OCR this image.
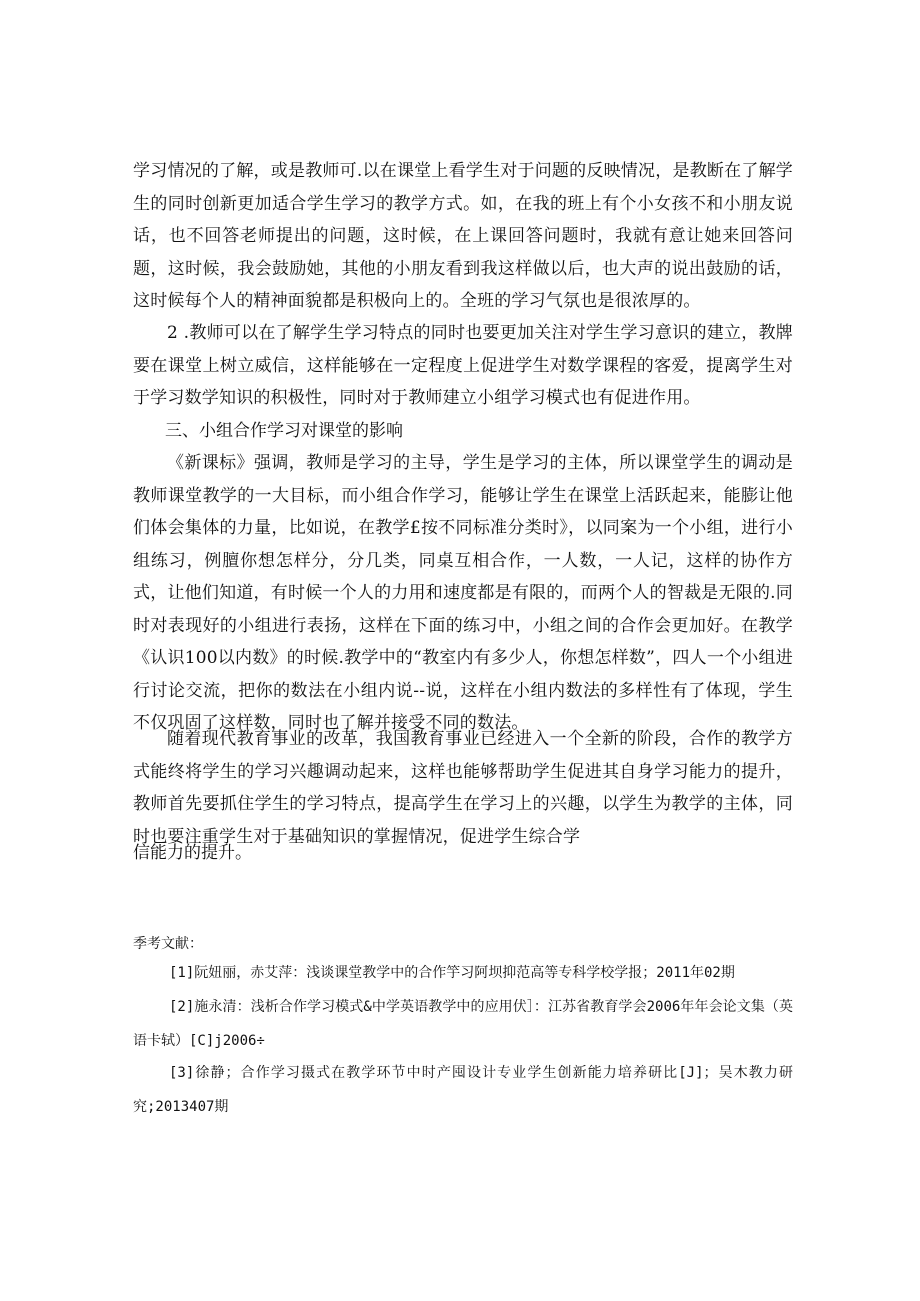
学习情况的了解，或是教师可.以在课堂上看学生对于问题的反映情况，是教断在了解学生的同时创新更加适合学生学习的教学方式。如，在我的班上有个小女孩不和小朋友说话，也不回答老师提出的问题，这时候，在上课回答问题时，我就有意让她来回答问题，这时候，我会鼓励她，其他的小朋友看到我这样做以后，也大声的说出鼓励的话，这时候每个人的精神面貌都是积极向上的。全班的学习气氛也是很浓厚的。

2 .教师可以在了解学生学习特点的同时也要更加关注对学生学习意识的建立，教牌要在课堂上树立威信，这样能够在一定程度上促进学生对数学课程的客爱，提离学生对于学习数学知识的积极性，同时对于教师建立小组学习模式也有促进作用。

三、小组合作学习对课堂的影响

《新课标》强调，教师是学习的主导，学生是学习的主体，所以课堂学生的调动是教师课堂教学的一大目标，而小组合作学习，能够让学生在课堂上活跃起来，能膨让他们体会集体的力量，比如说，在教学£按不同标准分类时》，以同案为一个小组，进行小组练习，例膻你想怎样分，分几类，同桌互相合作，一人数，一人记，这样的协作方式，让他们知道，有时候一个人的力用和速度都是有限的，而两个人的智裁是无限的.同时对表现好的小组进行表扬，这样在下面的练习中，小组之间的合作会更加好。在教学《认识100以内数》的时候.教学中的“教室内有多少人，你想怎样数”，四人一个小组进行讨论交流，把你的数法在小组内说--说，这样在小组内数法的多样性有了体现，学生不仅巩固了这样数，同时也了解并接受不同的数法。

随着现代教育事业的改革，我国教育事业已经进入一个全新的阶段，合作的教学方式能终将学生的学习兴趣调动起来，这样也能够帮助学生促进其自身学习能力的提升，教师首先要抓住学生的学习特点，提高学生在学习上的兴趣，以学生为教学的主体，同时也要注重学生对于基础知识的掌握情况，促进学生综合学

信能力的提升。

季考文献：

[1]阮妞丽，赤艾萍：浅谈课堂教学中的合作竽习阿坝抑范高等专科学校学报；2011年02期

[2]施永清：浅析合作学习模式&中学英语教学中的应用伏］：江苏省教育学会2006年年会论文集（英语卡轼）[C]j2006÷

[3]徐静；合作学习摄式在教学环节中时产囤设计专业学生创新能力培养研比[J]；吴木教力研究;2013407期
